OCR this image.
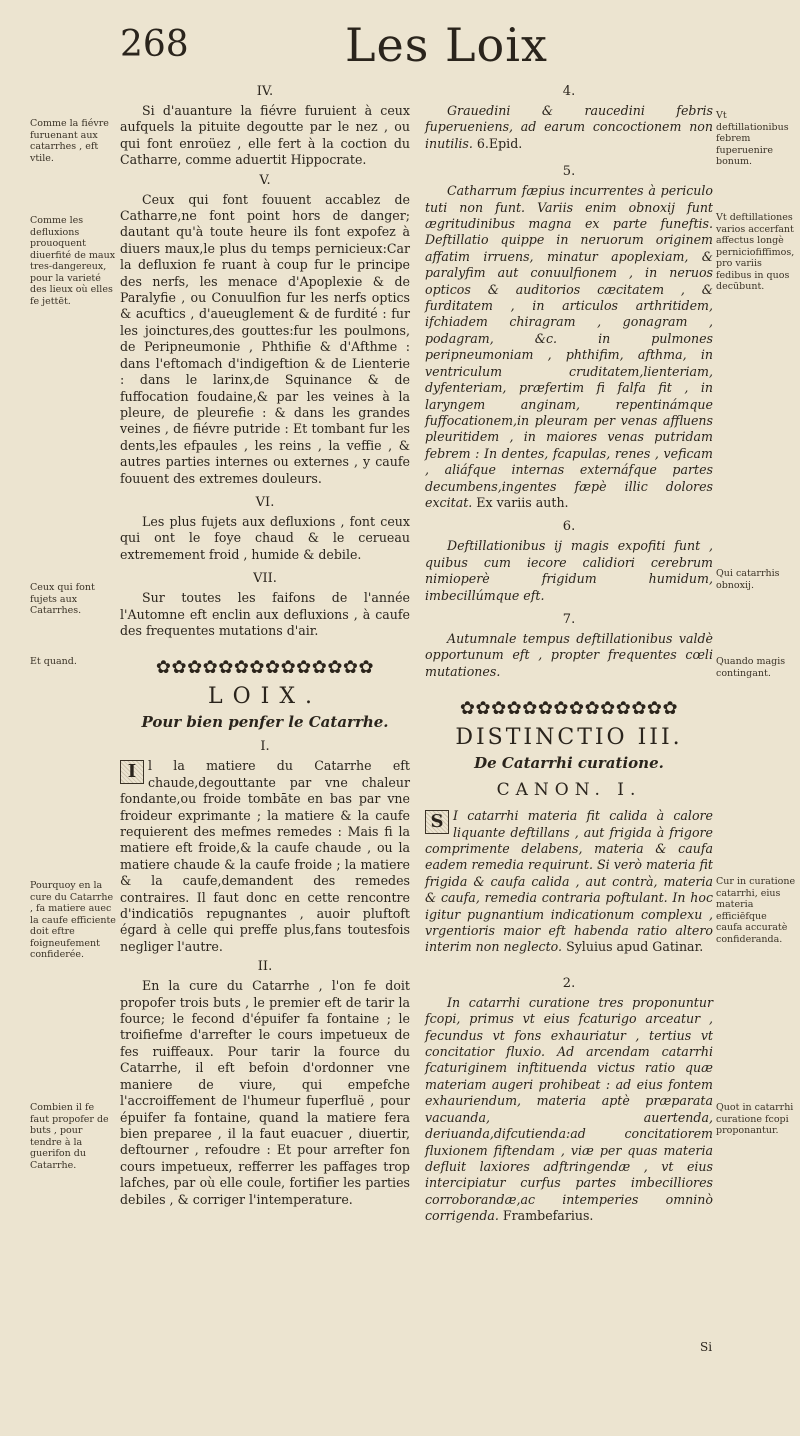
268	Les Loix
Comme la fiévre furuenant aux catarrhes , eft vtile.
Comme les defluxions prouoquent diuerfité de maux tres-dangereux, pour la varieté des lieux où elles fe jettēt.
Ceux qui font fujets aux Catarrhes.
Et quand.
Pourquoy en la cure du Catarrhe , fa matiere auec la caufe efficiente doit eftre foigneufement confiderée.
Combien il fe faut propofer de buts , pour tendre à la guerifon du Catarrhe.
Vt deftillationibus febrem fuperuenire bonum.
Vt deftillationes varios accerfant affectus longè perniciofiffimos, pro variis fedibus in quos decūbunt.
Qui catarrhis obnoxij.
Quando magis contingant.
Cur in curatione catarrhi, eius materia efficiēfque caufa accuratè confideranda.
Quot in catarrhi curatione fcopi proponantur.
IV.

Si d'auanture la fiévre furuient à ceux aufquels la pituite degoutte par le nez , ou qui font enroüez , elle fert à la coction du Catharre, comme aduertit Hippocrate.

V.

Ceux qui font fouuent accablez de Catharre,ne font point hors de danger; dautant qu'à toute heure ils font expofez à diuers maux,le plus du temps pernicieux:Car la defluxion fe ruant à coup fur le principe des nerfs, les menace d'Apoplexie & de Paralyfie , ou Conuulfion fur les nerfs optics & acuftics , d'aueuglement & de furdité : fur les joinctures,des gouttes:fur les poulmons, de Peripneumonie , Phthifie & d'Afthme : dans l'eftomach d'indigeftion & de Lienterie : dans le larinx,de Squinance & de fuffocation foudaine,& par les veines à la pleure, de pleurefie : & dans les grandes veines , de fiévre putride : Et tombant fur les dents,les efpaules , les reins , la veffie , & autres parties internes ou externes , y caufe fouuent des extremes douleurs.

VI.

Les plus fujets aux defluxions , font ceux qui ont le foye chaud & le cerueau extremement froid , humide & debile.

VII.

Sur toutes les faifons de l'année l'Automne eft enclin aux defluxions , à caufe des frequentes mutations d'air.

✿✿✿✿✿✿✿✿✿✿✿✿✿✿
LOIX.
Pour bien penfer le Catarrhe.
I.

I l la matiere du Catarrhe eft chaude,degouttante par vne chaleur fondante,ou froide tombāte en bas par vne froideur exprimante ; la matiere & la caufe requierent des mefmes remedes : Mais fi la matiere eft froide,& la caufe chaude , ou la matiere chaude & la caufe froide ; la matiere & la caufe,demandent des remedes contraires. Il faut donc en cette rencontre d'indicatiōs repugnantes , auoir pluftoft égard à celle qui preffe plus,fans toutesfois negliger l'autre.

II.

En la cure du Catarrhe , l'on fe doit propofer trois buts , le premier eft de tarir la fource; le fecond d'épuifer fa fontaine ; le troifiefme d'arrefter le cours impetueux de fes ruiffeaux. Pour tarir la fource du Catarrhe, il eft befoin d'ordonner vne maniere de viure, qui empefche l'accroiffement de l'humeur fuperfluë , pour épuifer fa fontaine, quand la matiere fera bien preparee , il la faut euacuer , diuertir, deftourner , refoudre : Et pour arrefter fon cours impetueux, refferrer les paffages trop lafches, par où elle coule, fortifier les parties debiles , & corriger l'intemperature.

4.

Grauedini & raucedini febris fuperueniens, ad earum concoctionem non inutilis. 6.Epid.

5.

Catharrum fæpius incurrentes à periculo tuti non funt. Variis enim obnoxij funt ægritudinibus magna ex parte funeftis. Deftillatio quippe in neruorum originem affatim irruens, minatur apoplexiam, & paralyfim aut conuulfionem , in neruos opticos & auditorios cæcitatem , & furditatem , in articulos arthritidem, ifchiadem chiragram , gonagram , podagram, &c. in pulmones peripneumoniam , phthifim, afthma, in ventriculum cruditatem,lienteriam, dyfenteriam, præfertim fi falfa fit , in laryngem anginam, repentinámque fuffocationem,in pleuram per venas affluens pleuritidem , in maiores venas putridam febrem : In dentes, fcapulas, renes , veficam , aliáfque internas externáfque partes decumbens,ingentes fæpè illic dolores excitat. Ex variis auth.

6.

Deftillationibus ij magis expofiti funt , quibus cum iecore calidiori cerebrum nimioperè frigidum humidum, imbecillúmque eft.

7.

Autumnale tempus deftillationibus valdè opportunum eft , propter frequentes cœli mutationes.

✿✿✿✿✿✿✿✿✿✿✿✿✿✿
DISTINCTIO III.
De Catarrhi curatione.
CANON. I.

S I catarrhi materia fit calida à calore liquante deftillans , aut frigida à frigore comprimente delabens, materia & caufa eadem remedia requirunt. Si verò materia fit frigida & caufa calida , aut contrà, materia & caufa, remedia contraria poftulant. In hoc igitur pugnantium indicationum complexu , vrgentioris maior eft habenda ratio altero interim non neglecto. Syluius apud Gatinar.

2.

In catarrhi curatione tres proponuntur fcopi, primus vt eius fcaturigo arceatur , fecundus vt fons exhauriatur , tertius vt concitatior fluxio. Ad arcendam catarrhi fcaturiginem inftituenda victus ratio quæ materiam augeri prohibeat : ad eius fontem exhauriendum, materia aptè præparata vacuanda, auertenda, deriuanda,difcutienda:ad concitatiorem fluxionem fiftendam , viæ per quas materia defluit laxiores adftringendæ , vt eius intercipiatur curfus partes imbecilliores corroborandæ,ac intemperies omninò corrigenda. Frambefarius.

Si
